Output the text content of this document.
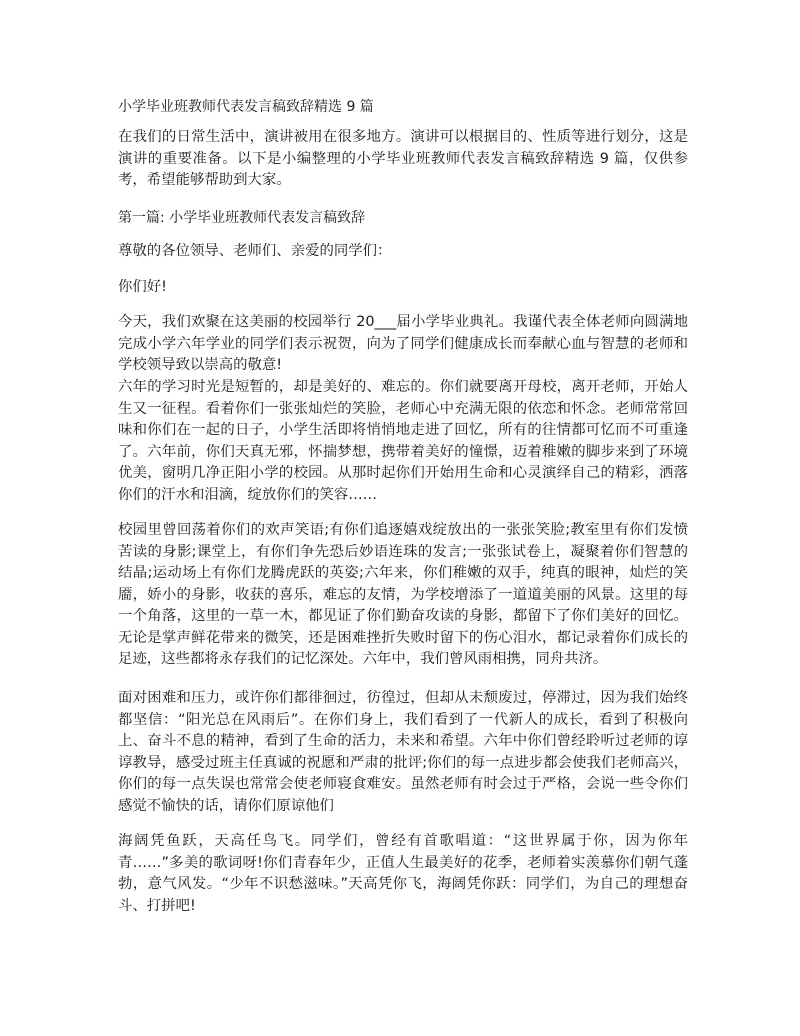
小学毕业班教师代表发言稿致辞精选 9 篇

在我们的日常生活中，演讲被用在很多地方。演讲可以根据目的、性质等进行划分，这是演讲的重要准备。以下是小编整理的小学毕业班教师代表发言稿致辞精选 9 篇，仅供参考，希望能够帮助到大家。

第一篇: 小学毕业班教师代表发言稿致辞

尊敬的各位领导、老师们、亲爱的同学们：

你们好!

今天，我们欢聚在这美丽的校园举行 20___届小学毕业典礼。我谨代表全体老师向圆满地完成小学六年学业的同学们表示祝贺，向为了同学们健康成长而奉献心血与智慧的老师和学校领导致以崇高的敬意!

六年的学习时光是短暂的，却是美好的、难忘的。你们就要离开母校，离开老师，开始人生又一征程。看着你们一张张灿烂的笑脸，老师心中充满无限的依恋和怀念。老师常常回味和你们在一起的日子，小学生活即将悄悄地走进了回忆，所有的往情都可忆而不可重逢了。六年前，你们天真无邪，怀揣梦想，携带着美好的憧憬，迈着稚嫩的脚步来到了环境优美，窗明几净正阳小学的校园。从那时起你们开始用生命和心灵演绎自己的精彩，洒落你们的汗水和泪滴，绽放你们的笑容……

校园里曾回荡着你们的欢声笑语;有你们追逐嬉戏绽放出的一张张笑脸;教室里有你们发愤苦读的身影;课堂上，有你们争先恐后妙语连珠的发言;一张张试卷上，凝聚着你们智慧的结晶;运动场上有你们龙腾虎跃的英姿;六年来，你们稚嫩的双手，纯真的眼神，灿烂的笑靥，娇小的身影，收获的喜乐，难忘的友情，为学校增添了一道道美丽的风景。这里的每一个角落，这里的一草一木，都见证了你们勤奋攻读的身影，都留下了你们美好的回忆。无论是掌声鲜花带来的微笑，还是困难挫折失败时留下的伤心泪水，都记录着你们成长的足迹，这些都将永存我们的记忆深处。六年中，我们曾风雨相携，同舟共济。

面对困难和压力，或许你们都徘徊过，彷徨过，但却从未颓废过，停滞过，因为我们始终都坚信：“阳光总在风雨后”。在你们身上，我们看到了一代新人的成长，看到了积极向上、奋斗不息的精神，看到了生命的活力，未来和希望。六年中你们曾经聆听过老师的谆谆教导，感受过班主任真诚的祝愿和严肃的批评;你们的每一点进步都会使我们老师高兴，你们的每一点失误也常常会使老师寝食难安。虽然老师有时会过于严格，会说一些令你们感觉不愉快的话，请你们原谅他们

海阔凭鱼跃，天高任鸟飞。同学们，曾经有首歌唱道：“这世界属于你，因为你年青……”多美的歌词呀!你们青春年少，正值人生最美好的花季，老师着实羡慕你们朝气蓬勃，意气风发。“少年不识愁滋味。”天高凭你飞，海阔凭你跃：同学们，为自己的理想奋斗、打拼吧!
